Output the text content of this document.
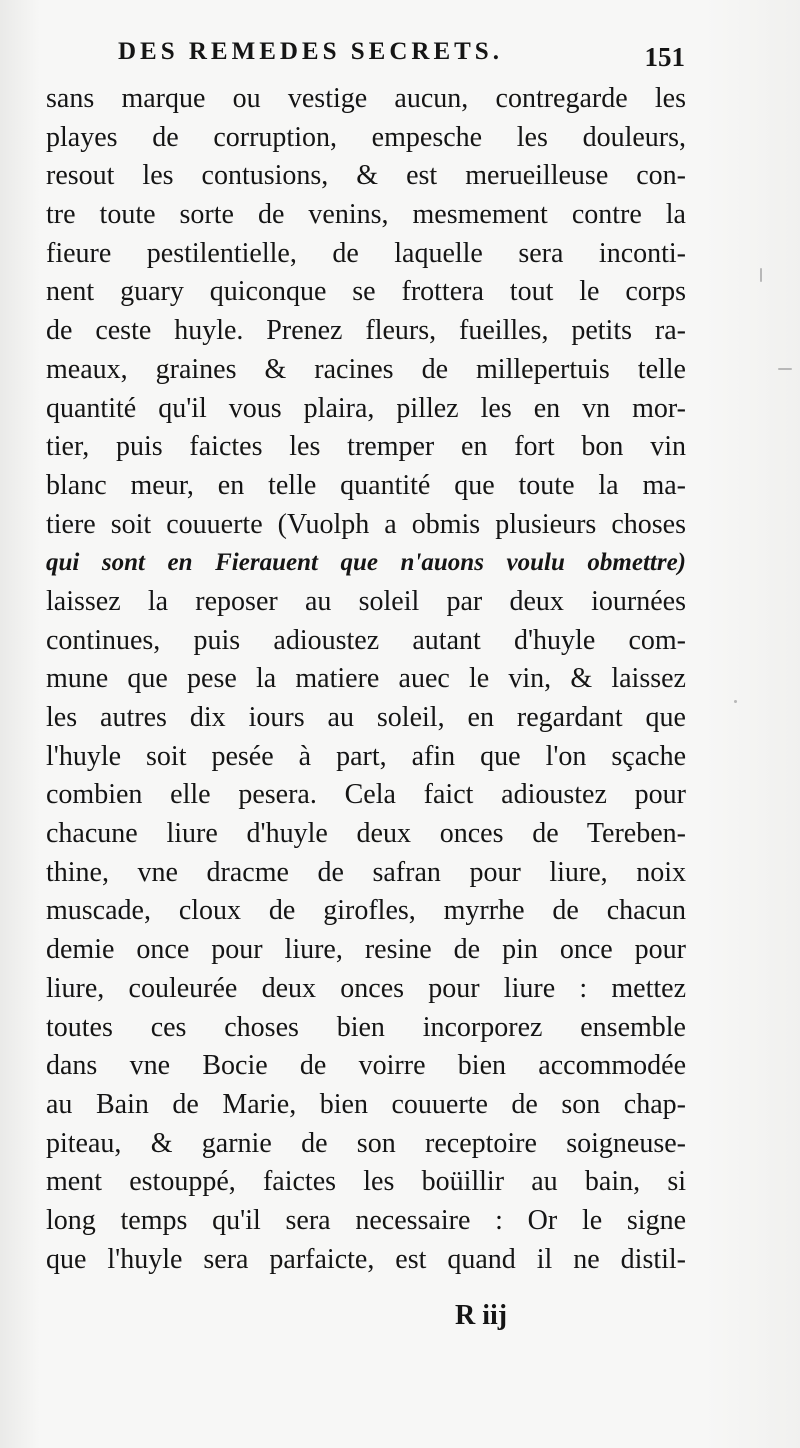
DES REMEDES SECRETS.	151
sans marque ou vestige aucun, contregarde les
playes de corruption, empesche les douleurs,
resout les contusions, & est merueilleuse con-
tre toute sorte de venins, mesmement contre la
fieure pestilentielle, de laquelle sera inconti-
nent guary quiconque se frottera tout le corps
de ceste huyle. Prenez fleurs, fueilles, petits ra-
meaux, graines & racines de millepertuis telle
quantité qu'il vous plaira, pillez les en vn mor-
tier, puis faictes les tremper en fort bon vin
blanc meur, en telle quantité que toute la ma-
tiere soit couuerte (Vuolph a obmis plusieurs choses
qui sont en Fierauent que n'auons voulu obmettre)
laissez la reposer au soleil par deux iournées
continues, puis adioustez autant d'huyle com-
mune que pese la matiere auec le vin, & laissez
les autres dix iours au soleil, en regardant que
l'huyle soit pesée à part, afin que l'on sçache
combien elle pesera. Cela faict adioustez pour
chacune liure d'huyle deux onces de Tereben-
thine, vne dracme de safran pour liure, noix
muscade, cloux de girofles, myrrhe de chacun
demie once pour liure, resine de pin once pour
liure, couleurée deux onces pour liure : mettez
toutes ces choses bien incorporez ensemble
dans vne Bocie de voirre bien accommodée
au Bain de Marie, bien couuerte de son chap-
piteau, & garnie de son receptoire soigneuse-
ment estouppé, faictes les boüillir au bain, si
long temps qu'il sera necessaire : Or le signe
que l'huyle sera parfaicte, est quand il ne distil-
R iij
